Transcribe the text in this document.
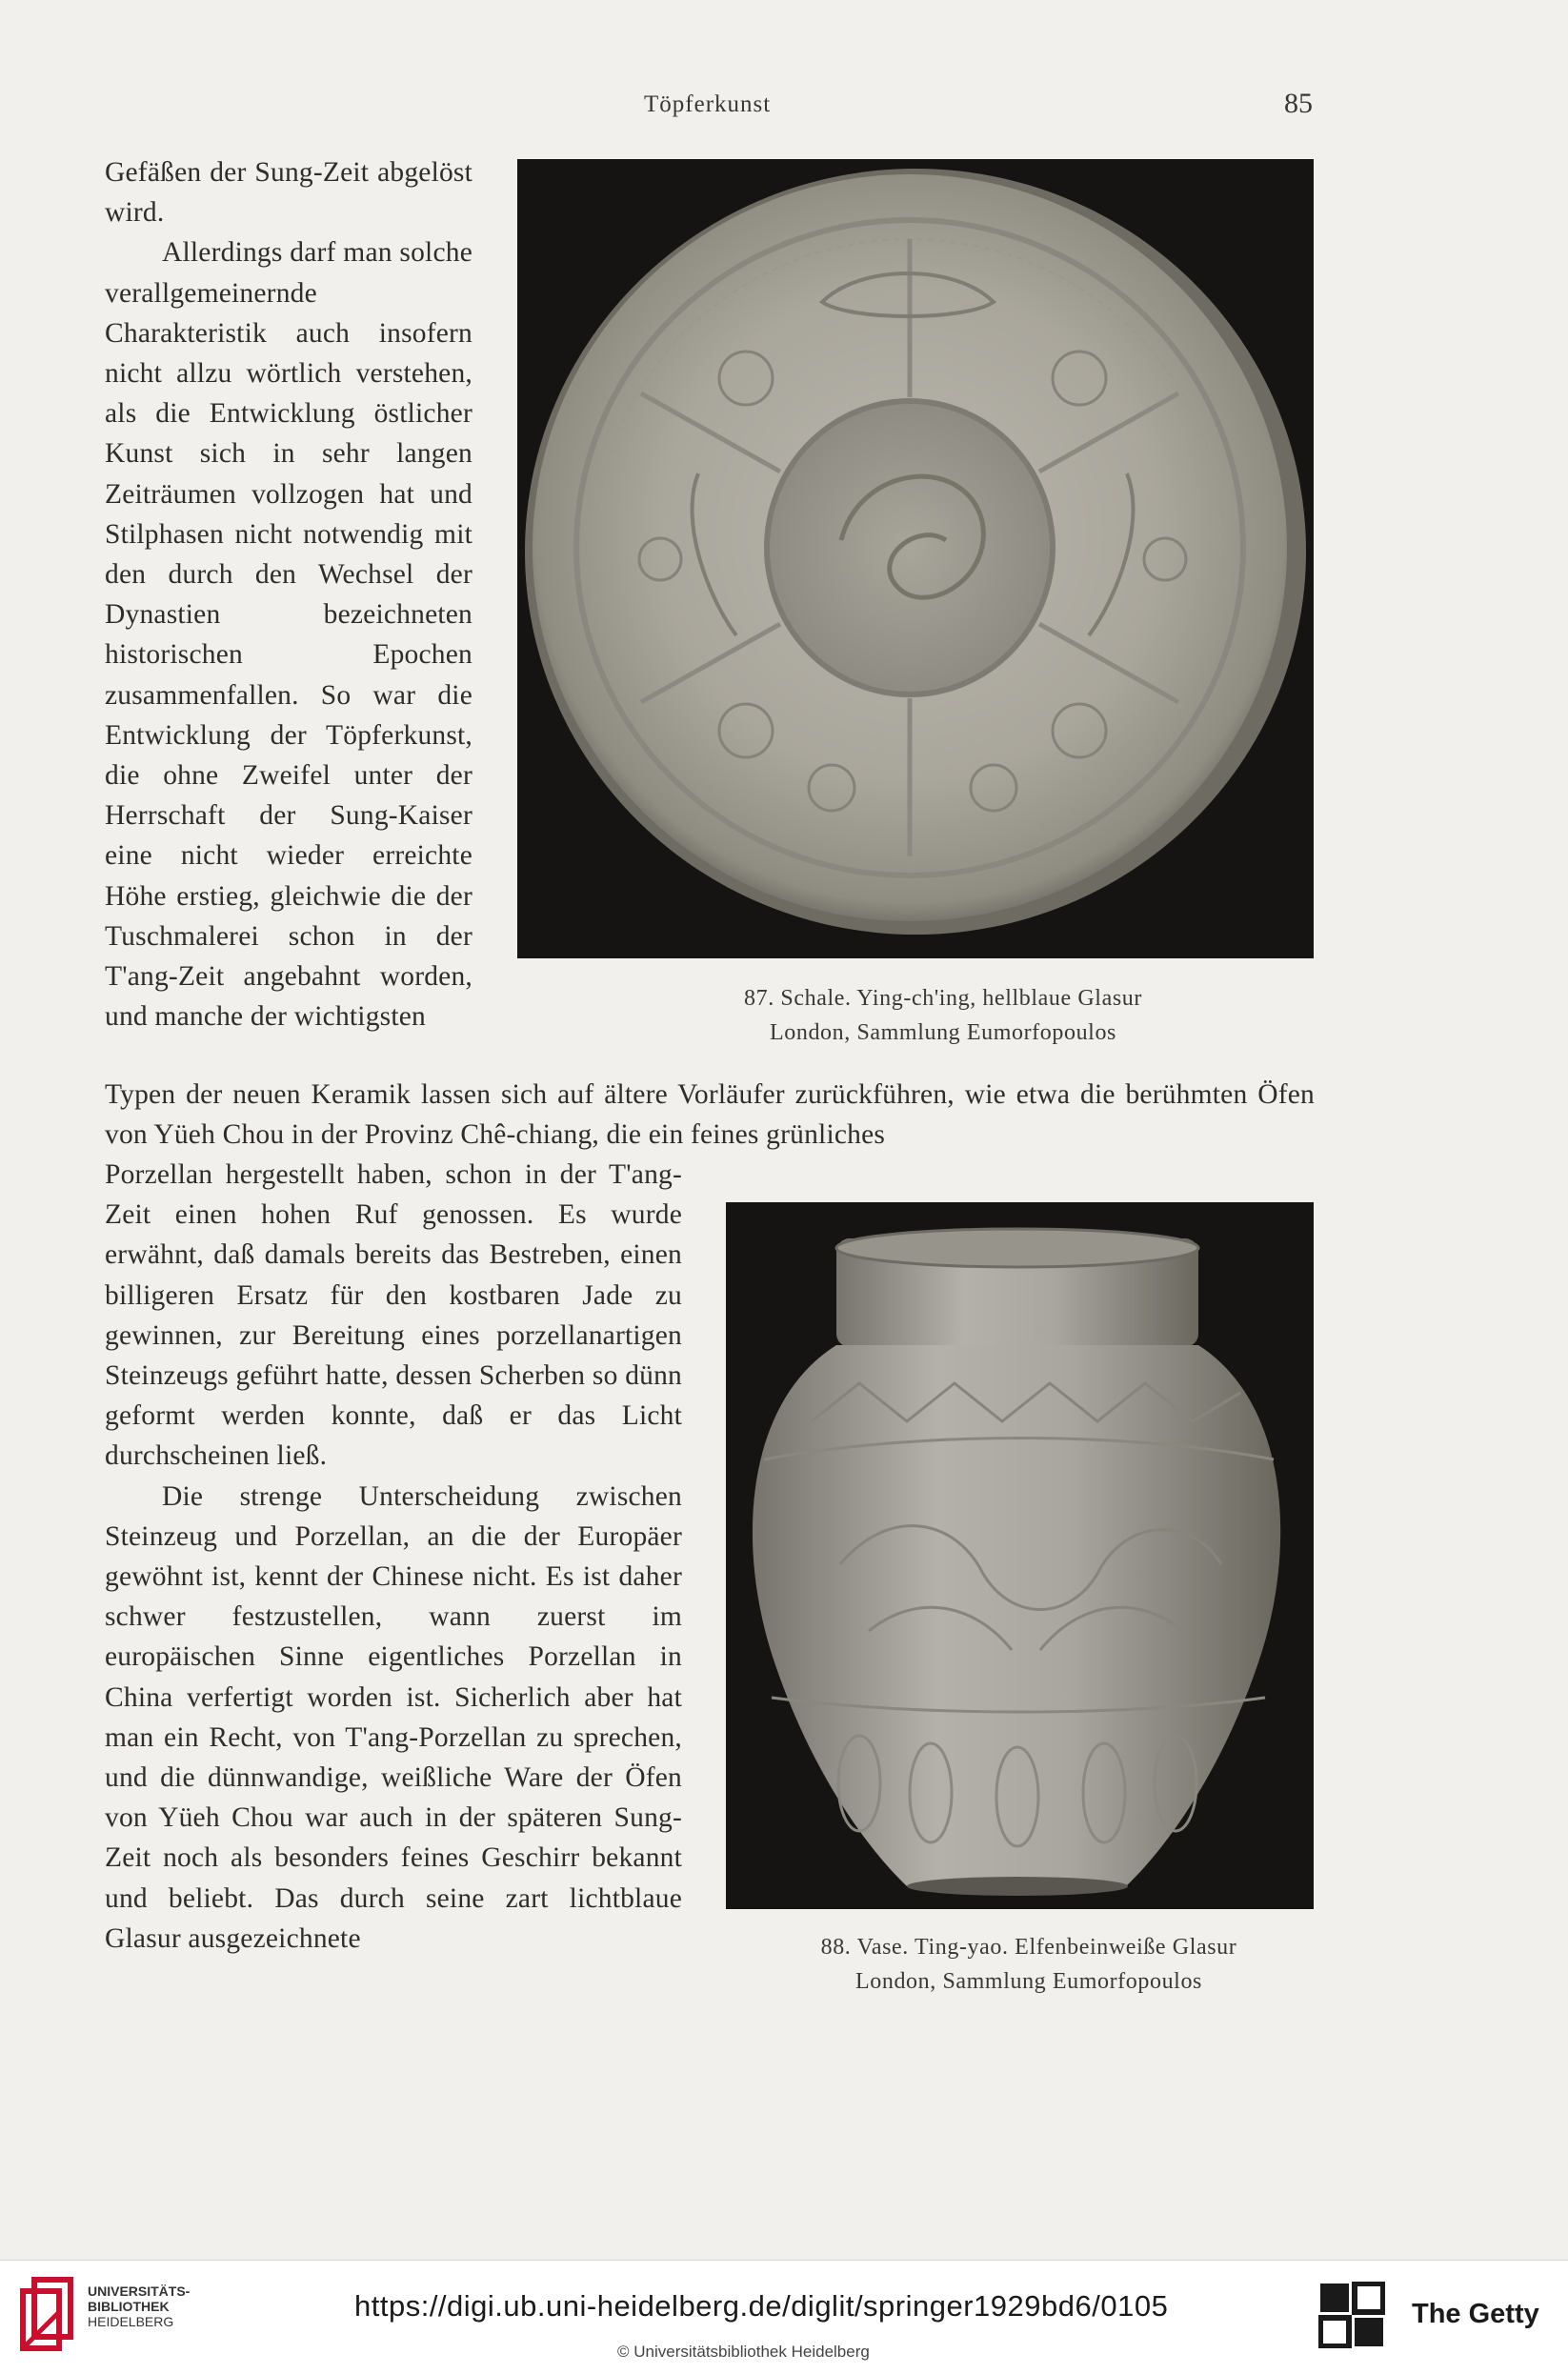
Töpferkunst	85

Gefäßen der Sung-Zeit abgelöst wird.

Allerdings darf man solche verallgemeinernde Charakteristik auch insofern nicht allzu wörtlich verstehen, als die Entwicklung östlicher Kunst sich in sehr langen Zeiträumen vollzogen hat und Stilphasen nicht notwendig mit den durch den Wechsel der Dynastien bezeichneten historischen Epochen zusammenfallen. So war die Entwicklung der Töpferkunst, die ohne Zweifel unter der Herrschaft der Sung-Kaiser eine nicht wieder erreichte Höhe erstieg, gleichwie die der Tuschmalerei schon in der T'ang-Zeit angebahnt worden, und manche der wichtigsten

87. Schale. Ying-ch'ing, hellblaue Glasur
London, Sammlung Eumorfopoulos

Typen der neuen Keramik lassen sich auf ältere Vorläufer zurückführen, wie etwa die berühmten Öfen von Yüeh Chou in der Provinz Chê-chiang, die ein feines grünliches

Porzellan hergestellt haben, schon in der T'ang-Zeit einen hohen Ruf genossen. Es wurde erwähnt, daß damals bereits das Bestreben, einen billigeren Ersatz für den kostbaren Jade zu gewinnen, zur Bereitung eines porzellanartigen Steinzeugs geführt hatte, dessen Scherben so dünn geformt werden konnte, daß er das Licht durchscheinen ließ.

Die strenge Unterscheidung zwischen Steinzeug und Porzellan, an die der Europäer gewöhnt ist, kennt der Chinese nicht. Es ist daher schwer festzustellen, wann zuerst im europäischen Sinne eigentliches Porzellan in China verfertigt worden ist. Sicherlich aber hat man ein Recht, von T'ang-Porzellan zu sprechen, und die dünnwandige, weißliche Ware der Öfen von Yüeh Chou war auch in der späteren Sung-Zeit noch als besonders feines Geschirr bekannt und beliebt. Das durch seine zart lichtblaue Glasur ausgezeichnete	88. Vase. Ting-yao. Elfenbeinweiße Glasur
London, Sammlung Eumorfopoulos
UNIVERSITÄTS-
BIBLIOTHEK
HEIDELBERG	https://digi.ub.uni-heidelberg.de/diglit/springer1929bd6/0105
© Universitätsbibliothek Heidelberg
The Getty
